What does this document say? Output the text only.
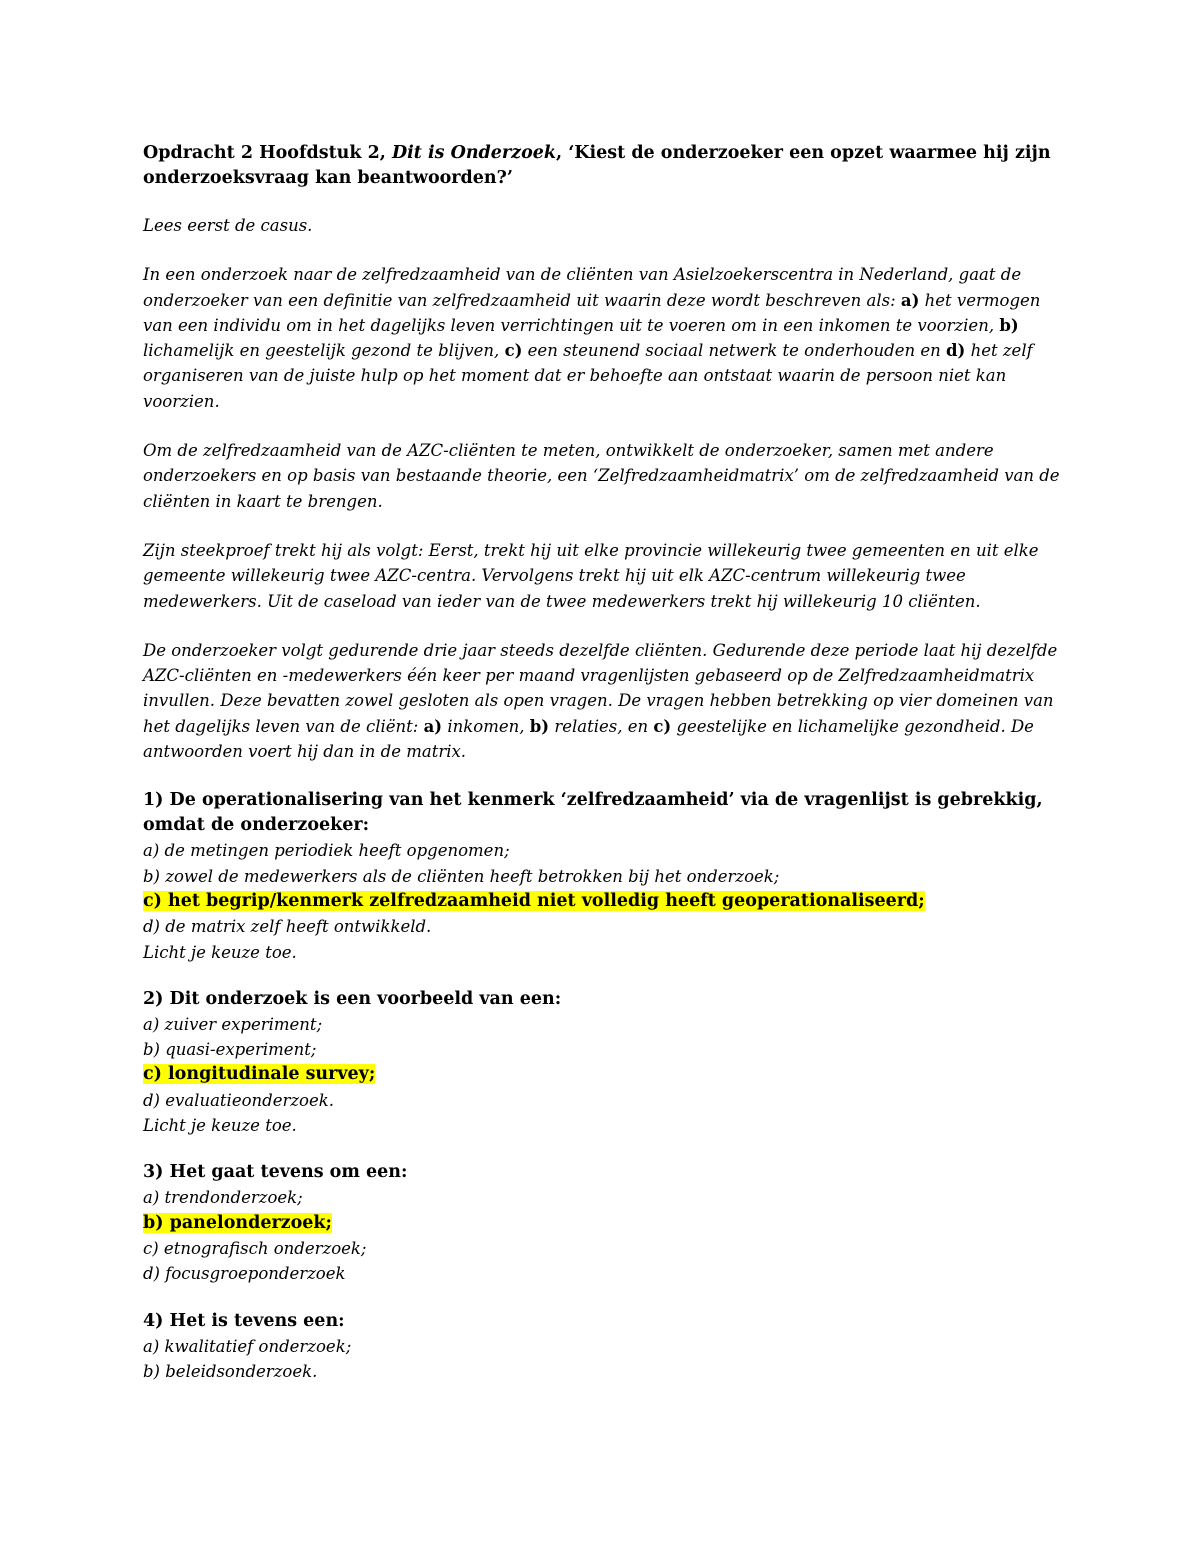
Opdracht 2 Hoofdstuk 2, Dit is Onderzoek, ‘Kiest de onderzoeker een opzet waarmee hij zijn onderzoeksvraag kan beantwoorden?’

Lees eerst de casus.

In een onderzoek naar de zelfredzaamheid van de cliënten van Asielzoekerscentra in Nederland, gaat de onderzoeker van een definitie van zelfredzaamheid uit waarin deze wordt beschreven als: a) het vermogen van een individu om in het dagelijks leven verrichtingen uit te voeren om in een inkomen te voorzien, b) lichamelijk en geestelijk gezond te blijven, c) een steunend sociaal netwerk te onderhouden en d) het zelf organiseren van de juiste hulp op het moment dat er behoefte aan ontstaat waarin de persoon niet kan voorzien.

Om de zelfredzaamheid van de AZC-cliënten te meten, ontwikkelt de onderzoeker, samen met andere onderzoekers en op basis van bestaande theorie, een ‘Zelfredzaamheidmatrix’ om de zelfredzaamheid van de cliënten in kaart te brengen.

Zijn steekproef trekt hij als volgt: Eerst, trekt hij uit elke provincie willekeurig twee gemeenten en uit elke gemeente willekeurig twee AZC-centra. Vervolgens trekt hij uit elk AZC-centrum willekeurig twee medewerkers. Uit de caseload van ieder van de twee medewerkers trekt hij willekeurig 10 cliënten.

De onderzoeker volgt gedurende drie jaar steeds dezelfde cliënten. Gedurende deze periode laat hij dezelfde AZC-cliënten en -medewerkers één keer per maand vragenlijsten gebaseerd op de Zelfredzaamheidmatrix invullen. Deze bevatten zowel gesloten als open vragen. De vragen hebben betrekking op vier domeinen van het dagelijks leven van de cliënt: a) inkomen, b) relaties, en c) geestelijke en lichamelijke gezondheid. De antwoorden voert hij dan in de matrix.

1) De operationalisering van het kenmerk ‘zelfredzaamheid’ via de vragenlijst is gebrekkig, omdat de onderzoeker:

a) de metingen periodiek heeft opgenomen;

b) zowel de medewerkers als de cliënten heeft betrokken bij het onderzoek;

c) het begrip/kenmerk zelfredzaamheid niet volledig heeft geoperationaliseerd;

d) de matrix zelf heeft ontwikkeld.

Licht je keuze toe.

2) Dit onderzoek is een voorbeeld van een:

a) zuiver experiment;

b) quasi-experiment;

c) longitudinale survey;

d) evaluatieonderzoek.

Licht je keuze toe.

3) Het gaat tevens om een:

a) trendonderzoek;

b) panelonderzoek;

c) etnografisch onderzoek;

d) focusgroeponderzoek

4) Het is tevens een:

a) kwalitatief onderzoek;

b) beleidsonderzoek.
